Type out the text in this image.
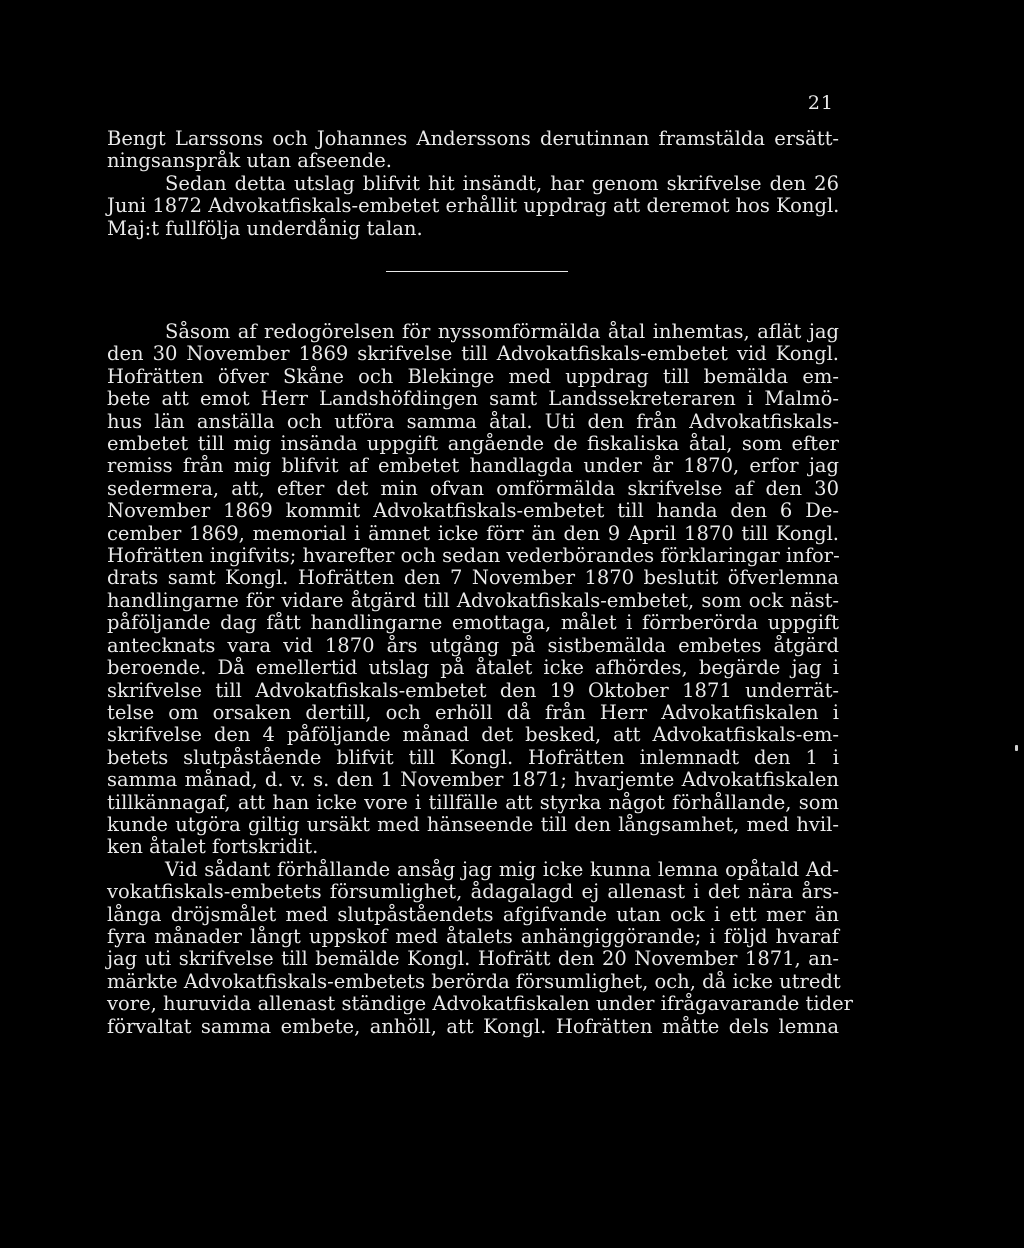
21
Bengt Larssons och Johannes Anderssons derutinnan framstälda ersätt-
ningsanspråk utan afseende.
Sedan detta utslag blifvit hit insändt, har genom skrifvelse den 26
Juni 1872 Advokatfiskals-embetet erhållit uppdrag att deremot hos Kongl.
Maj:t fullfölja underdånig talan.
Såsom af redogörelsen för nyssomförmälda åtal inhemtas, aflät jag
den 30 November 1869 skrifvelse till Advokatfiskals-embetet vid Kongl.
Hofrätten öfver Skåne och Blekinge med uppdrag till bemälda em-
bete att emot Herr Landshöfdingen samt Landssekreteraren i Malmö-
hus län anställa och utföra samma åtal. Uti den från Advokatfiskals-
embetet till mig insända uppgift angående de fiskaliska åtal, som efter
remiss från mig blifvit af embetet handlagda under år 1870, erfor jag
sedermera, att, efter det min ofvan omförmälda skrifvelse af den 30
November 1869 kommit Advokatfiskals-embetet till handa den 6 De-
cember 1869, memorial i ämnet icke förr än den 9 April 1870 till Kongl.
Hofrätten ingifvits; hvarefter och sedan vederbörandes förklaringar infor-
drats samt Kongl. Hofrätten den 7 November 1870 beslutit öfverlemna
handlingarne för vidare åtgärd till Advokatfiskals-embetet, som ock näst-
påföljande dag fått handlingarne emottaga, målet i förrberörda uppgift
antecknats vara vid 1870 års utgång på sistbemälda embetes åtgärd
beroende. Då emellertid utslag på åtalet icke afhördes, begärde jag i
skrifvelse till Advokatfiskals-embetet den 19 Oktober 1871 underrät-
telse om orsaken dertill, och erhöll då från Herr Advokatfiskalen i
skrifvelse den 4 påföljande månad det besked, att Advokatfiskals-em-
betets slutpåstående blifvit till Kongl. Hofrätten inlemnadt den 1 i
samma månad, d. v. s. den 1 November 1871; hvarjemte Advokatfiskalen
tillkännagaf, att han icke vore i tillfälle att styrka något förhållande, som
kunde utgöra giltig ursäkt med hänseende till den långsamhet, med hvil-
ken åtalet fortskridit.
Vid sådant förhållande ansåg jag mig icke kunna lemna opåtald Ad-
vokatfiskals-embetets försumlighet, ådagalagd ej allenast i det nära års-
långa dröjsmålet med slutpåståendets afgifvande utan ock i ett mer än
fyra månader långt uppskof med åtalets anhängiggörande; i följd hvaraf
jag uti skrifvelse till bemälde Kongl. Hofrätt den 20 November 1871, an-
märkte Advokatfiskals-embetets berörda försumlighet, och, då icke utredt
vore, huruvida allenast ständige Advokatfiskalen under ifrågavarande tider
förvaltat samma embete, anhöll, att Kongl. Hofrätten måtte dels lemna
